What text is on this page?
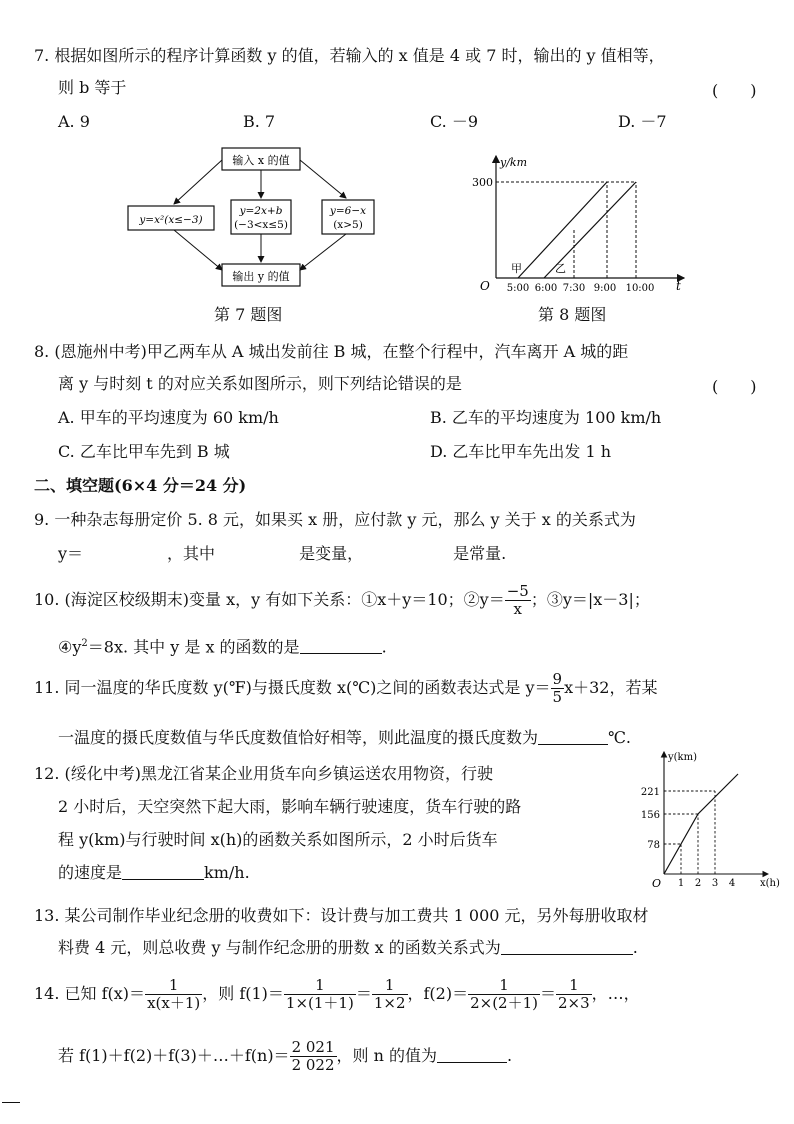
7. 根据如图所示的程序计算函数 y 的值，若输入的 x 值是 4 或 7 时，输出的 y 值相等，
则 b 等于	(　　)
A. 9	B. 7	C. －9	D. －7
输入 x 的值
y=x²(x≤−3)
y=2x+b
(−3<x≤5)
y=6−x
(x>5)
输出 y 的值
第 7 题图
y/km
300
O	t
甲	乙
5:00 6:00 7:30 9:00 10:00
第 8 题图
8. (恩施州中考)甲乙两车从 A 城出发前往 B 城，在整个行程中，汽车离开 A 城的距
离 y 与时刻 t 的对应关系如图所示，则下列结论错误的是	(　　)
A. 甲车的平均速度为 60 km/h	B. 乙车的平均速度为 100 km/h
C. 乙车比甲车先到 B 城	D. 乙车比甲车先出发 1 h
二、填空题(6×4 分＝24 分)
9. 一种杂志每册定价 5. 8 元，如果买 x 册，应付款 y 元，那么 y 关于 x 的关系式为
y＝	，其中	是变量，	是常量.
10. (海淀区校级期末)变量 x，y 有如下关系：①x＋y＝10；②y＝ $\frac{-5}{x}$ ；③y＝|x－3|；
$④y^2=8x$. 其中 y 是 x 的函数的是	.
11. 同一温度的华氏度数 y(℉)与摄氏度数 x(℃)之间的函数表达式是 $y= \frac{9}{5} x+32$，若某
一温度的摄氏度数值与华氏度数值恰好相等，则此温度的摄氏度数为	℃.
12. (绥化中考)黑龙江省某企业用货车向乡镇运送农用物资，行驶
2 小时后，天空突然下起大雨，影响车辆行驶速度，货车行驶的路
程 y(km)与行驶时间 x(h)的函数关系如图所示，2 小时后货车
的速度是	km/h.
y(km)
x(h)
O
221
156
78
1 2 3 4
13. 某公司制作毕业纪念册的收费如下：设计费与加工费共 1 000 元，另外每册收取材
料费 4 元，则总收费 y 与制作纪念册的册数 x 的函数关系式为	.
14. 已知 $f(x)= \frac{1}{x(x+1)}$ ，则 $f(1)= \frac{1}{1\times(1+1)} = \frac{1}{1\times 2}$ ，$f(2)= \frac{1}{2\times(2+1)} = \frac{1}{2\times 3}$ ，…，
若 f(1)＋f(2)＋f(3)＋…＋f(n)＝ $\frac{2 021}{2 022}$ ，则 n 的值为	.
